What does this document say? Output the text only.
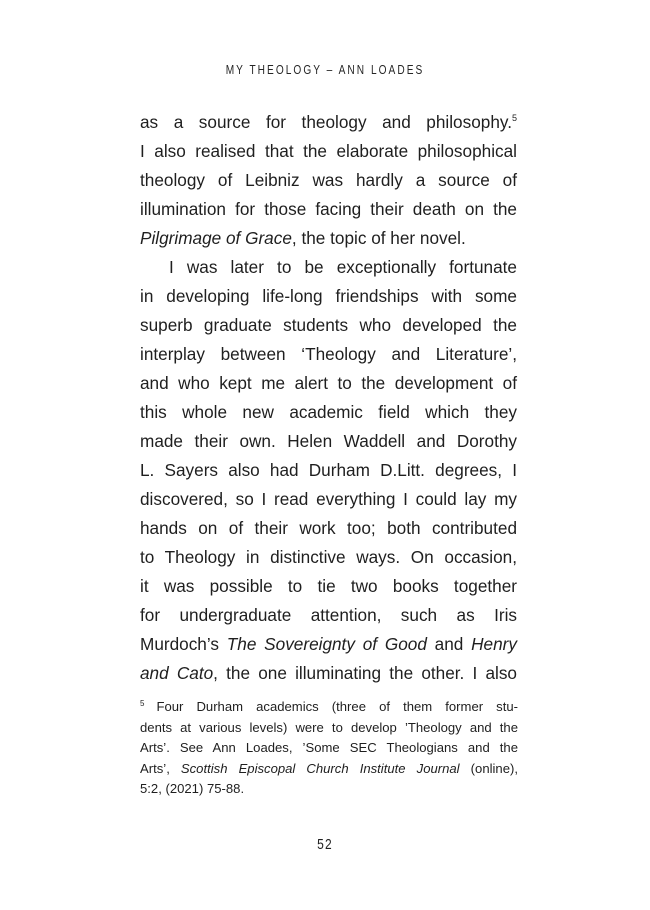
MY THEOLOGY – ANN LOADES
as a source for theology and philosophy.$^5$
I also realised that the elaborate philosophical
theology of Leibniz was hardly a source of
illumination for those facing their death on the
Pilgrimage of Grace, the topic of her novel.
I was later to be exceptionally fortunate
in developing life-long friendships with some
superb graduate students who developed the
interplay between ‘Theology and Literature’,
and who kept me alert to the development of
this whole new academic field which they
made their own. Helen Waddell and Dorothy
L. Sayers also had Durham D.Litt. degrees, I
discovered, so I read everything I could lay my
hands on of their work too; both contributed
to Theology in distinctive ways. On occasion,
it was possible to tie two books together
for undergraduate attention, such as Iris
Murdoch’s The Sovereignty of Good and Henry
and Cato, the one illuminating the other. I also
$^5$ Four Durham academics (three of them former stu-
dents at various levels) were to develop ’Theology and the
Arts’. See Ann Loades, ’Some SEC Theologians and the
Arts’, Scottish Episcopal Church Institute Journal (online),
5:2, (2021) 75-88.
52
